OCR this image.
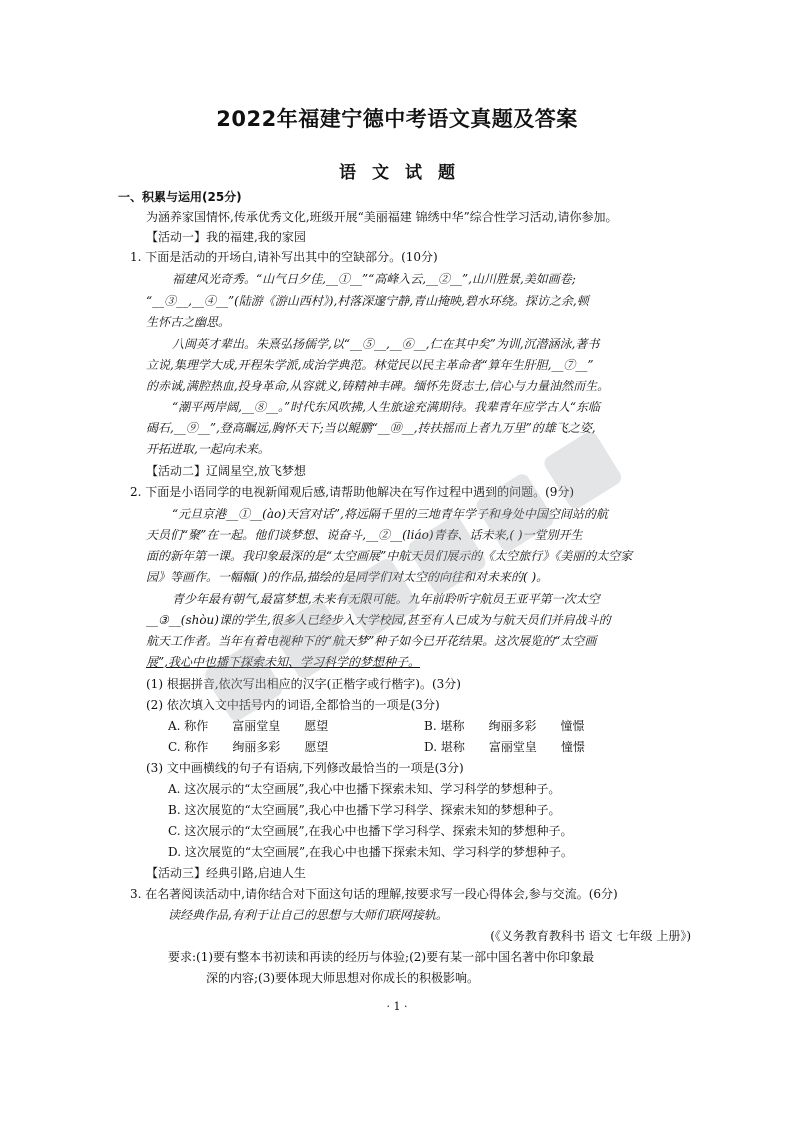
2022年福建宁德中考语文真题及答案
语文试题
一、积累与运用(25分)
为涵养家国情怀,传承优秀文化,班级开展“美丽福建 锦绣中华”综合性学习活动,请你参加。
【活动一】我的福建,我的家园
1. 下面是活动的开场白,请补写出其中的空缺部分。(10分)
福建风光奇秀。“山气日夕佳,__①__”“高峰入云,__②__”,山川胜景,美如画卷;
“__③__,__④__”(陆游《游山西村》),村落深邃宁静,青山掩映,碧水环绕。探访之余,顿
生怀古之幽思。
八闽英才辈出。朱熹弘扬儒学,以“__⑤__,__⑥__,仁在其中矣”为训,沉潜涵泳,著书
立说,集理学大成,开程朱学派,成治学典范。林觉民以民主革命者“算年生肝胆,__⑦__”
的赤诚,满腔热血,投身革命,从容就义,铸精神丰碑。缅怀先贤志士,信心与力量油然而生。
“潮平两岸阔,__⑧__。”时代东风吹拂,人生旅途充满期待。我辈青年应学古人“东临
碣石,__⑨__”,登高瞩远,胸怀天下;当以鲲鹏“__⑩__,抟扶摇而上者九万里”的雄飞之姿,
开拓进取,一起向未来。
【活动二】辽阔星空,放飞梦想
2. 下面是小语同学的电视新闻观后感,请帮助他解决在写作过程中遇到的问题。(9分)
“元旦京港__①__(ào)天宫对话”,将远隔千里的三地青年学子和身处中国空间站的航
天员们“聚”在一起。他们谈梦想、说奋斗,__②__(liáo)青春、话未来,( )一堂别开生
面的新年第一课。我印象最深的是“太空画展”中航天员们展示的《太空旅行》《美丽的太空家
园》等画作。一幅幅( )的作品,描绘的是同学们对太空的向往和对未来的( )。
青少年最有朝气,最富梦想,未来有无限可能。九年前聆听宇航员王亚平第一次太空
__③__(shòu)课的学生,很多人已经步入大学校园,甚至有人已成为与航天员们并肩战斗的
航天工作者。当年有着电视种下的“航天梦”种子如今已开花结果。这次展览的“太空画
展”,我心中也播下探索未知、学习科学的梦想种子。
(1) 根据拼音,依次写出相应的汉字(正楷字或行楷字)。(3分)
(2) 依次填入文中括号内的词语,全都恰当的一项是(3分)
A. 称作　　富丽堂皇　　愿望	B. 堪称　　绚丽多彩　　憧憬
C. 称作　　绚丽多彩　　愿望	D. 堪称　　富丽堂皇　　憧憬
(3) 文中画横线的句子有语病,下列修改最恰当的一项是(3分)
A. 这次展示的“太空画展”,我心中也播下探索未知、学习科学的梦想种子。
B. 这次展览的“太空画展”,我心中也播下学习科学、探索未知的梦想种子。
C. 这次展示的“太空画展”,在我心中也播下学习科学、探索未知的梦想种子。
D. 这次展览的“太空画展”,在我心中也播下探索未知、学习科学的梦想种子。
【活动三】经典引路,启迪人生
3. 在名著阅读活动中,请你结合对下面这句话的理解,按要求写一段心得体会,参与交流。(6分)
读经典作品,有利于让自己的思想与大师们联网接轨。
(《义务教育教科书 语文 七年级 上册》)
要求:(1)要有整本书初读和再读的经历与体验;(2)要有某一部中国名著中你印象最
深的内容;(3)要体现大师思想对你成长的积极影响。
· 1 ·
